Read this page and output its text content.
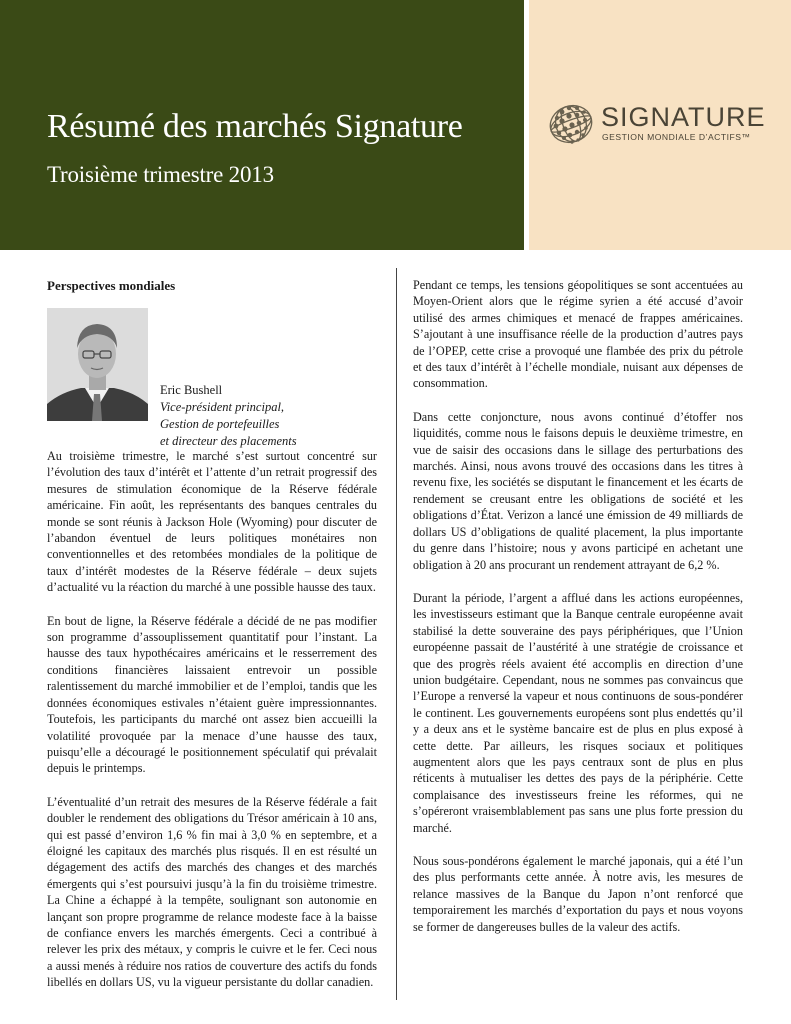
Résumé des marchés Signature
Troisième trimestre 2013
SIGNATURE
GESTION MONDIALE D’ACTIFS™
Perspectives mondiales
Eric Bushell
Vice-président principal,
Gestion de portefeuilles
et directeur des placements

Au troisième trimestre, le marché s’est surtout concentré sur l’évolution des taux d’intérêt et l’attente d’un retrait progressif des mesures de stimulation économique de la Réserve fédérale américaine. Fin août, les représentants des banques centrales du monde se sont réunis à Jackson Hole (Wyoming) pour discuter de l’abandon éventuel de leurs politiques monétaires non conventionnelles et des retombées mondiales de la politique de taux d’intérêt modestes de la Réserve fédérale – deux sujets d’actualité vu la réaction du marché à une possible hausse des taux.

En bout de ligne, la Réserve fédérale a décidé de ne pas modifier son programme d’assouplissement quantitatif pour l’instant. La hausse des taux hypothécaires américains et le resserrement des conditions financières laissaient entrevoir un possible ralentissement du marché immobilier et de l’emploi, tandis que les données économiques estivales n’étaient guère impressionnantes. Toutefois, les participants du marché ont assez bien accueilli la volatilité provoquée par la menace d’une hausse des taux, puisqu’elle a découragé le positionnement spéculatif qui prévalait depuis le printemps.

L’éventualité d’un retrait des mesures de la Réserve fédérale a fait doubler le rendement des obligations du Trésor américain à 10 ans, qui est passé d’environ 1,6 % fin mai à 3,0 % en septembre, et a éloigné les capitaux des marchés plus risqués. Il en est résulté un dégagement des actifs des marchés des changes et des marchés émergents qui s’est poursuivi jusqu’à la fin du troisième trimestre. La Chine a échappé à la tempête, soulignant son autonomie en lançant son propre programme de relance modeste face à la baisse de confiance envers les marchés émergents. Ceci a contribué à relever les prix des métaux, y compris le cuivre et le fer. Ceci nous a aussi menés à réduire nos ratios de couverture des actifs du fonds libellés en dollars US, vu la vigueur persistante du dollar canadien.

Pendant ce temps, les tensions géopolitiques se sont accentuées au Moyen-Orient alors que le régime syrien a été accusé d’avoir utilisé des armes chimiques et menacé de frappes américaines. S’ajoutant à une insuffisance réelle de la production d’autres pays de l’OPEP, cette crise a provoqué une flambée des prix du pétrole et des taux d’intérêt à l’échelle mondiale, nuisant aux dépenses de consommation.

Dans cette conjoncture, nous avons continué d’étoffer nos liquidités, comme nous le faisons depuis le deuxième trimestre, en vue de saisir des occasions dans le sillage des perturbations des marchés. Ainsi, nous avons trouvé des occasions dans les titres à revenu fixe, les sociétés se disputant le financement et les écarts de rendement se creusant entre les obligations de société et les obligations d’État. Verizon a lancé une émission de 49 milliards de dollars US d’obligations de qualité placement, la plus importante du genre dans l’histoire; nous y avons participé en achetant une obligation à 20 ans procurant un rendement attrayant de 6,2 %.

Durant la période, l’argent a afflué dans les actions européennes, les investisseurs estimant que la Banque centrale européenne avait stabilisé la dette souveraine des pays périphériques, que l’Union européenne passait de l’austérité à une stratégie de croissance et que des progrès réels avaient été accomplis en direction d’une union budgétaire. Cependant, nous ne sommes pas convaincus que l’Europe a renversé la vapeur et nous continuons de sous-pondérer le continent. Les gouvernements européens sont plus endettés qu’il y a deux ans et le système bancaire est de plus en plus exposé à cette dette. Par ailleurs, les risques sociaux et politiques augmentent alors que les pays centraux sont de plus en plus réticents à mutualiser les dettes des pays de la périphérie. Cette complaisance des investisseurs freine les réformes, qui ne s’opéreront vraisemblablement pas sans une plus forte pression du marché.

Nous sous-pondérons également le marché japonais, qui a été l’un des plus performants cette année. À notre avis, les mesures de relance massives de la Banque du Japon n’ont renforcé que temporairement les marchés d’exportation du pays et nous voyons se former de dangereuses bulles de la valeur des actifs.
